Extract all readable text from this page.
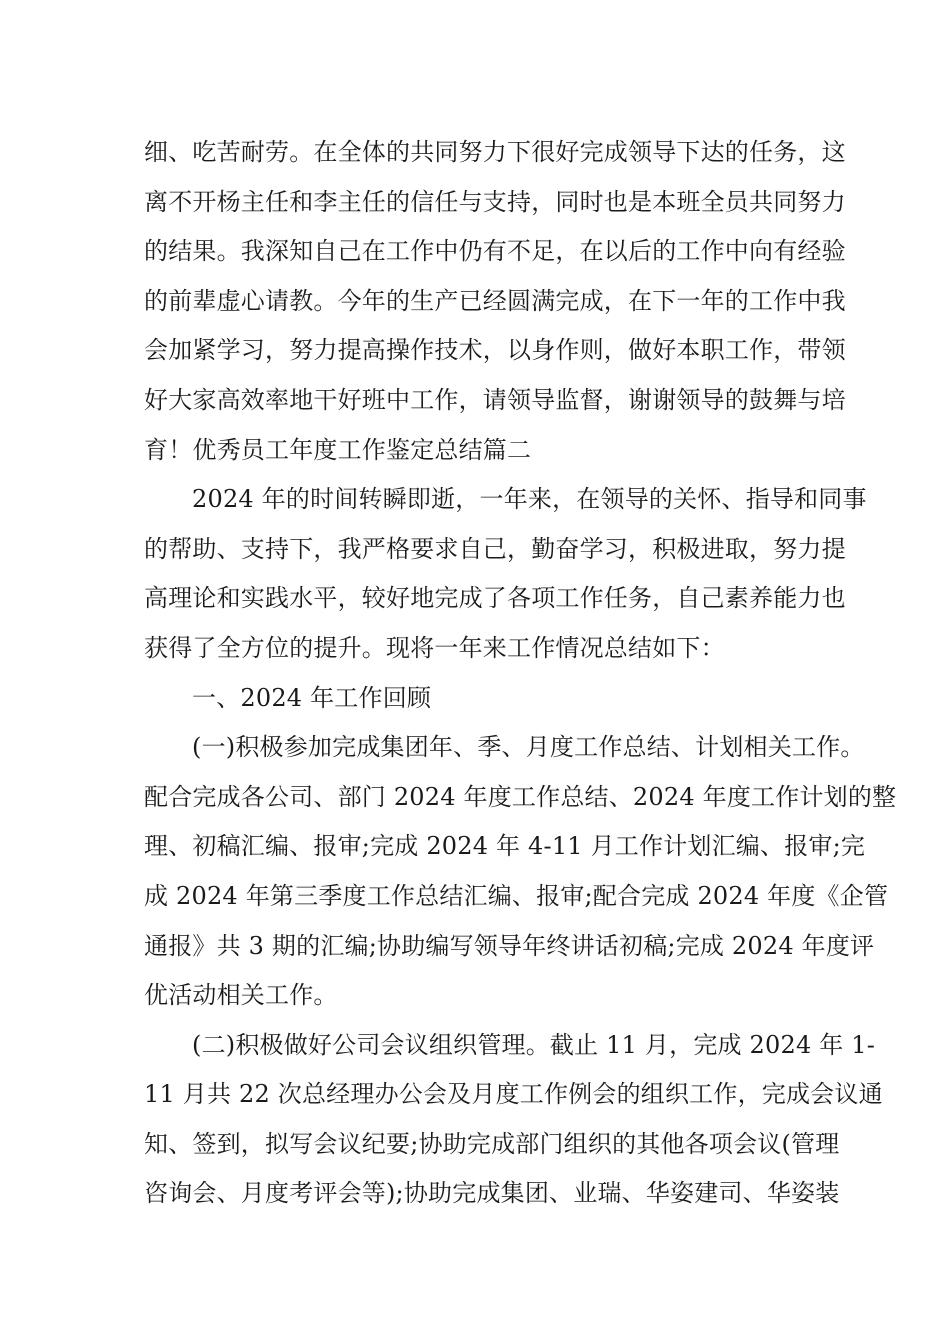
细、吃苦耐劳。在全体的共同努力下很好完成领导下达的任务，这
离不开杨主任和李主任的信任与支持，同时也是本班全员共同努力
的结果。我深知自己在工作中仍有不足，在以后的工作中向有经验
的前辈虚心请教。今年的生产已经圆满完成，在下一年的工作中我
会加紧学习，努力提高操作技术，以身作则，做好本职工作，带领
好大家高效率地干好班中工作，请领导监督，谢谢领导的鼓舞与培
育！优秀员工年度工作鉴定总结篇二
2024 年的时间转瞬即逝，一年来，在领导的关怀、指导和同事
的帮助、支持下，我严格要求自己，勤奋学习，积极进取，努力提
高理论和实践水平，较好地完成了各项工作任务，自己素养能力也
获得了全方位的提升。现将一年来工作情况总结如下：
一、2024 年工作回顾
(一)积极参加完成集团年、季、月度工作总结、计划相关工作。
配合完成各公司、部门 2024 年度工作总结、2024 年度工作计划的整
理、初稿汇编、报审;完成 2024 年 4-11 月工作计划汇编、报审;完
成 2024 年第三季度工作总结汇编、报审;配合完成 2024 年度《企管
通报》共 3 期的汇编;协助编写领导年终讲话初稿;完成 2024 年度评
优活动相关工作。
(二)积极做好公司会议组织管理。截止 11 月，完成 2024 年 1-
11 月共 22 次总经理办公会及月度工作例会的组织工作，完成会议通
知、签到，拟写会议纪要;协助完成部门组织的其他各项会议(管理
咨询会、月度考评会等);协助完成集团、业瑞、华姿建司、华姿装
